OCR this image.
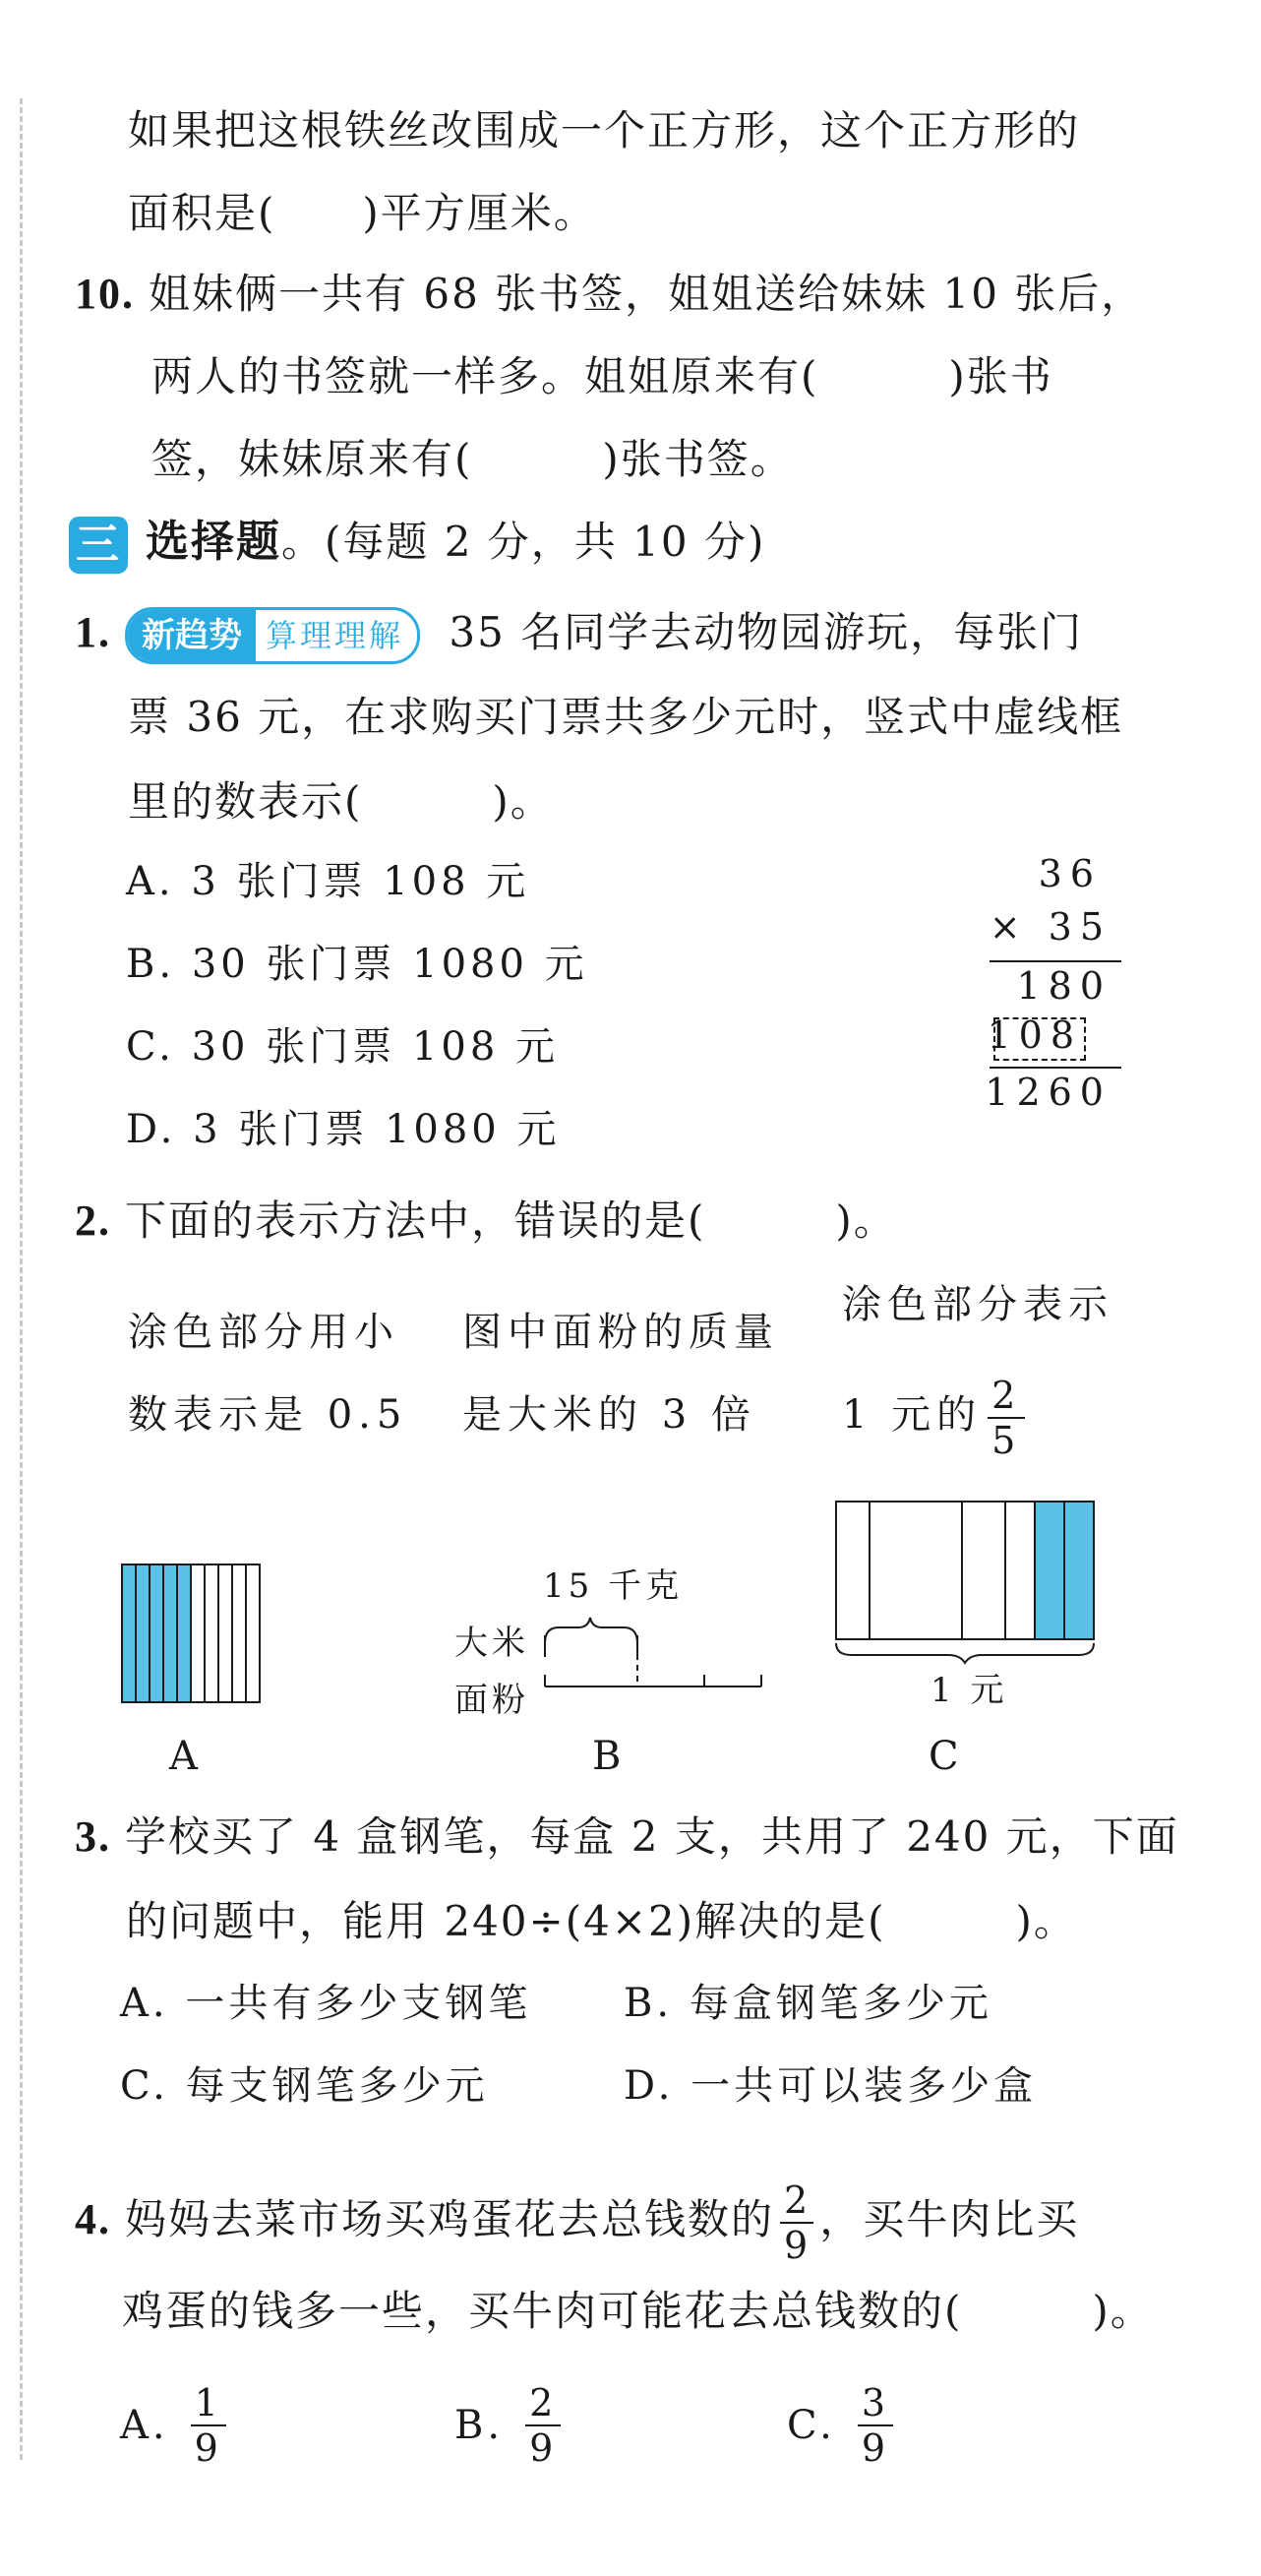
如果把这根铁丝改围成一个正方形，这个正方形的
面积是(　　)平方厘米。
10. 姐妹俩一共有 68 张书签，姐姐送给妹妹 10 张后，
两人的书签就一样多。姐姐原来有(　　　)张书
签，妹妹原来有(　　　)张书签。
三 选择题。(每题 2 分，共 10 分)
1. 新趋势 算理理解 35 名同学去动物园游玩，每张门
票 36 元，在求购买门票共多少元时，竖式中虚线框
里的数表示(　　　)。
A. 3 张门票 108 元
B. 30 张门票 1080 元
C. 30 张门票 108 元
D. 3 张门票 1080 元
36
× 35
180
108
1260
2. 下面的表示方法中，错误的是(　　　)。
涂色部分用小
数表示是 0.5
图中面粉的质量
是大米的 3 倍
涂色部分表示
1 元的 $\frac{2}{5}$
15 千克
大米
面粉	1 元
A	B	C
3. 学校买了 4 盒钢笔，每盒 2 支，共用了 240 元，下面
的问题中，能用 240÷(4×2)解决的是(　　　)。
A. 一共有多少支钢笔 B. 每盒钢笔多少元
C. 每支钢笔多少元	D. 一共可以装多少盒
4. 妈妈去菜市场买鸡蛋花去总钱数的 $\frac{2}{9}$ ，买牛肉比买
鸡蛋的钱多一些，买牛肉可能花去总钱数的(　　　)。
A. $\frac{1}{9}$	B. $\frac{2}{9}$	C. $\frac{3}{9}$
